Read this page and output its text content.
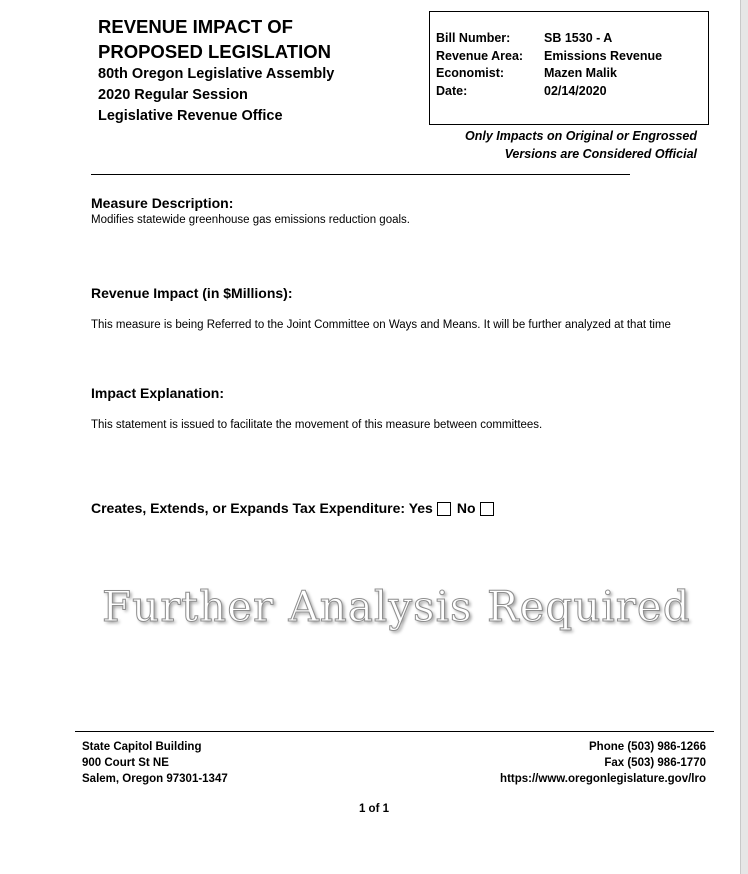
REVENUE IMPACT OF
PROPOSED LEGISLATION
80th Oregon Legislative Assembly
2020 Regular Session
Legislative Revenue Office
Bill Number:	SB 1530 - A
Revenue Area: Emissions Revenue
Economist:	Mazen Malik
Date:	02/14/2020
Only Impacts on Original or Engrossed
Versions are Considered Official
Measure Description:
Modifies statewide greenhouse gas emissions reduction goals.
Revenue Impact (in $Millions):
This measure is being Referred to the Joint Committee on Ways and Means. It will be further analyzed at that time
Impact Explanation:
This statement is issued to facilitate the movement of this measure between committees.
Creates, Extends, or Expands Tax Expenditure: Yes No
Further Analysis Required
State Capitol Building
900 Court St NE
Salem, Oregon 97301-1347
Phone (503) 986-1266
Fax (503) 986-1770
https://www.oregonlegislature.gov/lro
1 of 1
